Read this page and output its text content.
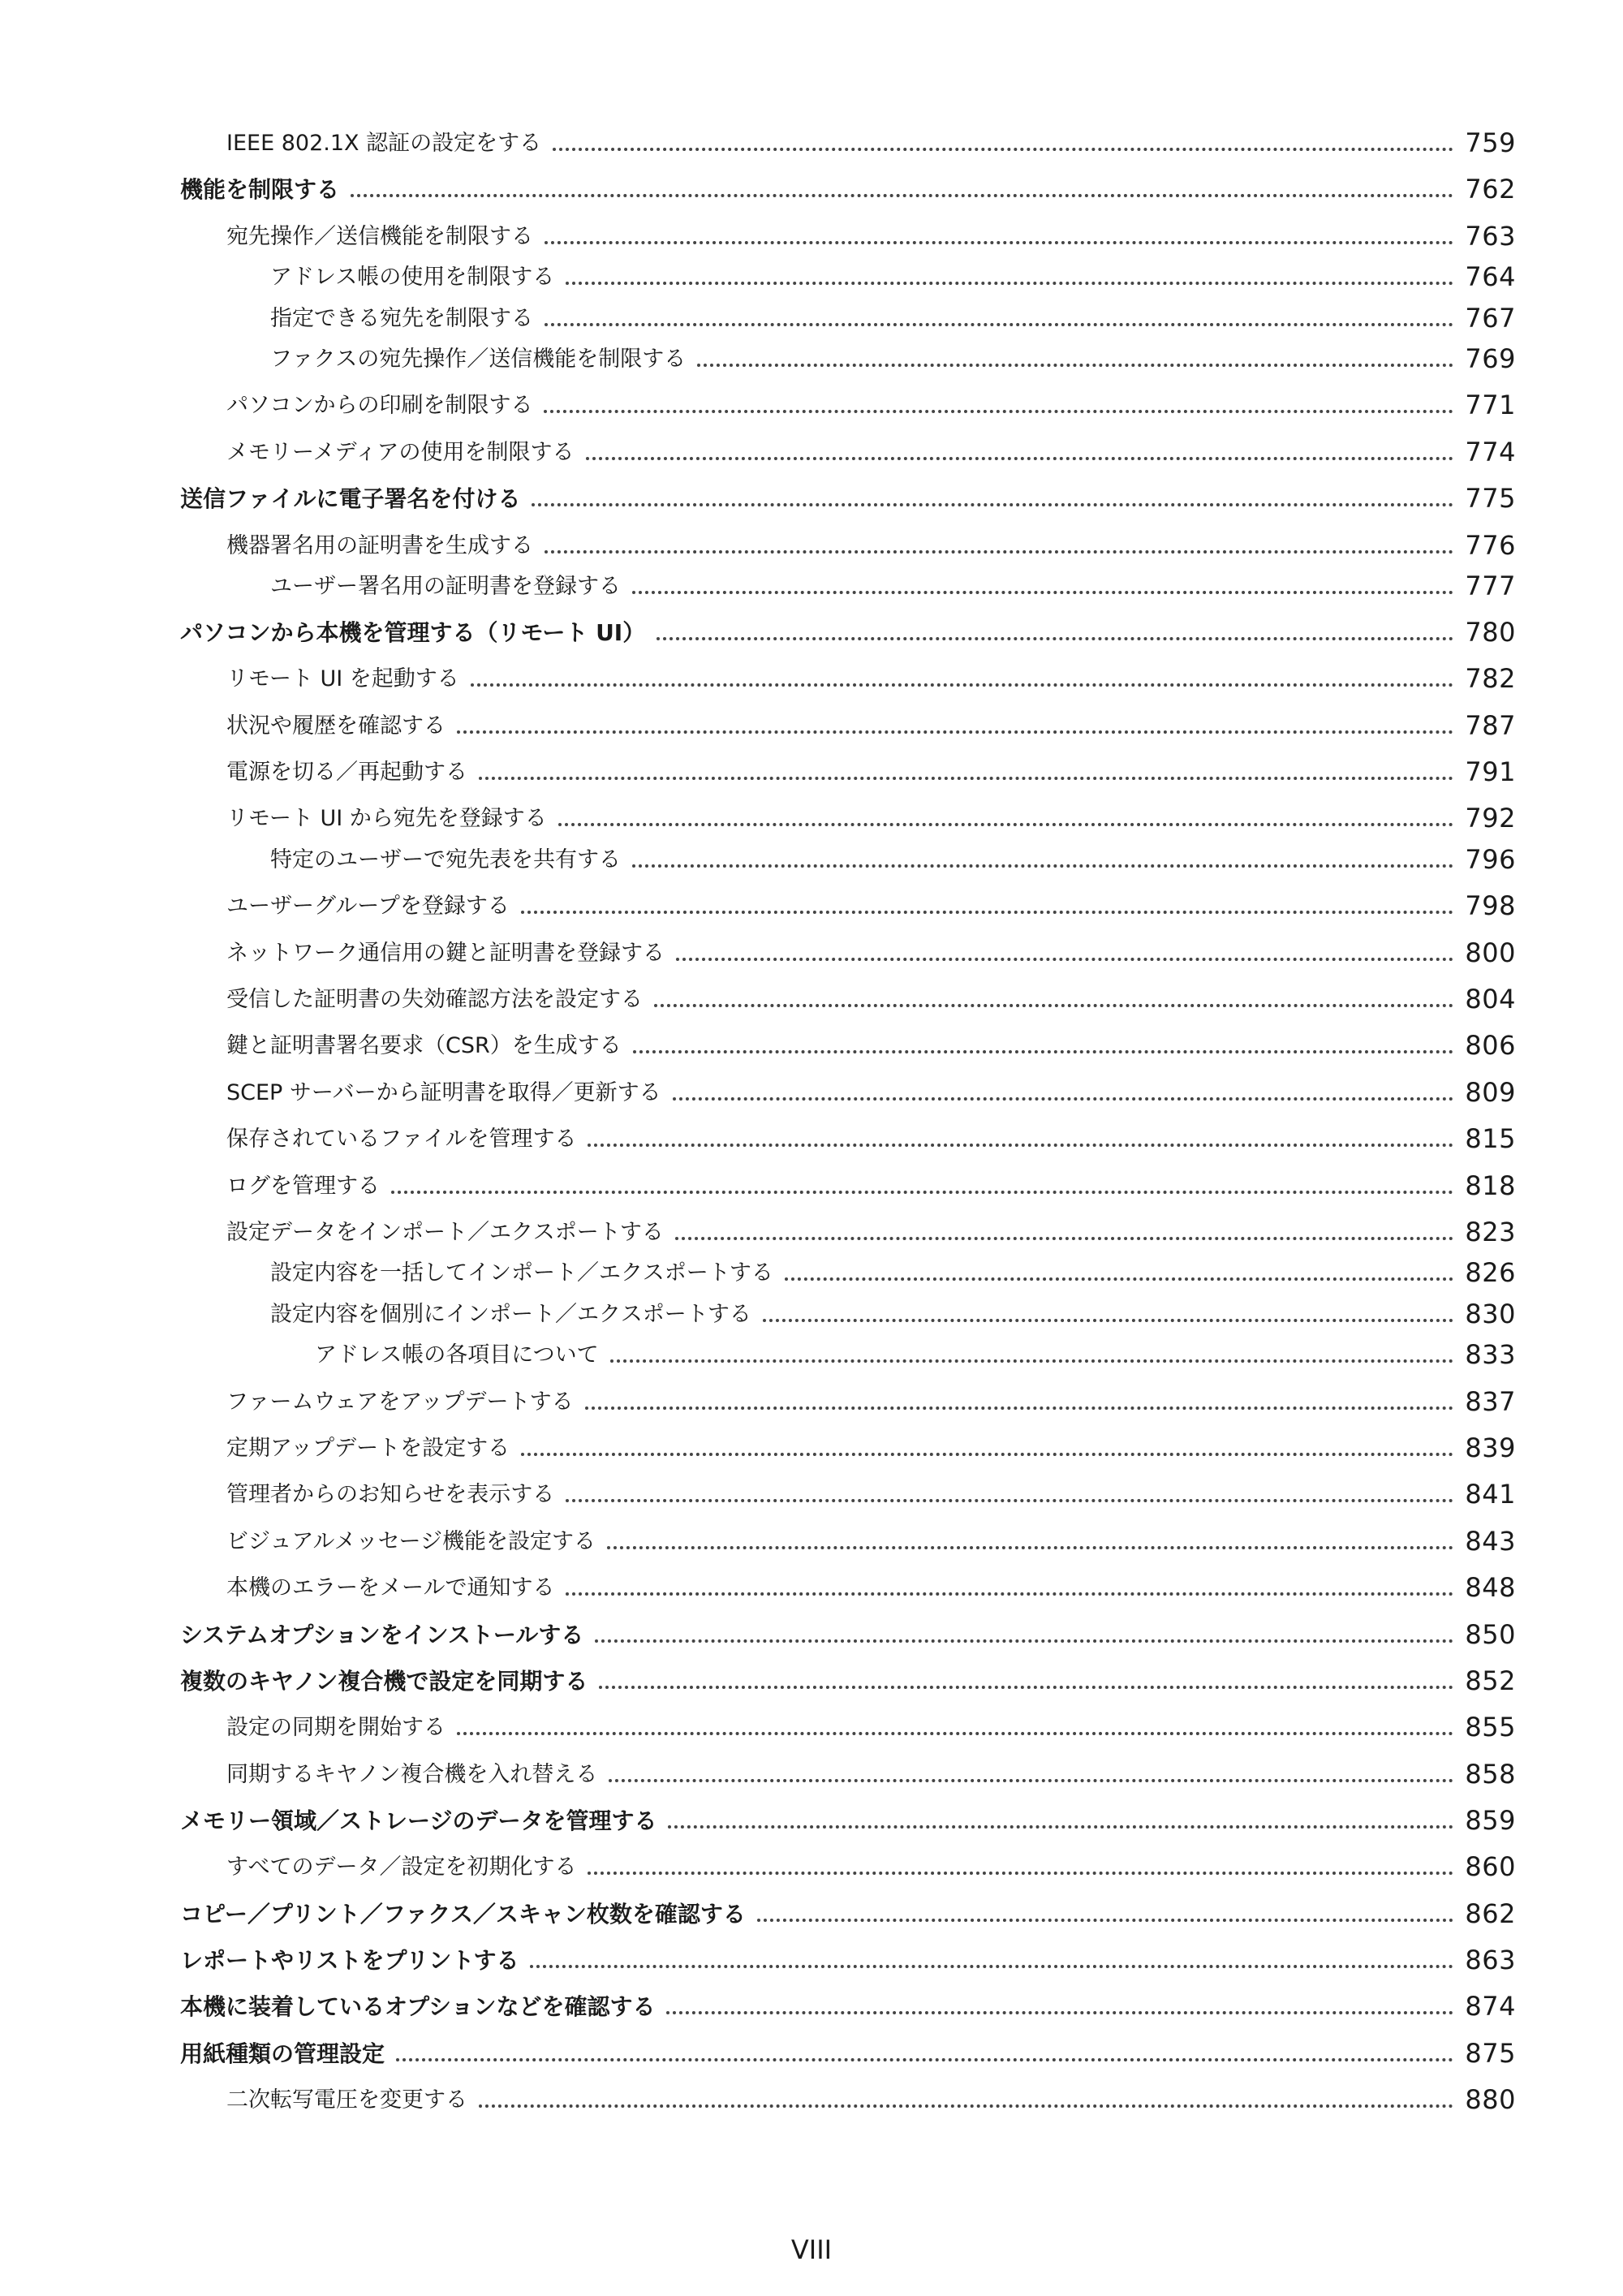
IEEE 802.1X 認証の設定をする	759
機能を制限する	762
宛先操作／送信機能を制限する	763
アドレス帳の使用を制限する	764
指定できる宛先を制限する	767
ファクスの宛先操作／送信機能を制限する	769
パソコンからの印刷を制限する	771
メモリーメディアの使用を制限する	774
送信ファイルに電子署名を付ける	775
機器署名用の証明書を生成する	776
ユーザー署名用の証明書を登録する	777
パソコンから本機を管理する（リモート UI）	780
リモート UI を起動する	782
状況や履歴を確認する	787
電源を切る／再起動する	791
リモート UI から宛先を登録する	792
特定のユーザーで宛先表を共有する	796
ユーザーグループを登録する	798
ネットワーク通信用の鍵と証明書を登録する	800
受信した証明書の失効確認方法を設定する	804
鍵と証明書署名要求（CSR）を生成する	806
SCEP サーバーから証明書を取得／更新する	809
保存されているファイルを管理する	815
ログを管理する	818
設定データをインポート／エクスポートする	823
設定内容を一括してインポート／エクスポートする	826
設定内容を個別にインポート／エクスポートする	830
アドレス帳の各項目について	833
ファームウェアをアップデートする	837
定期アップデートを設定する	839
管理者からのお知らせを表示する	841
ビジュアルメッセージ機能を設定する	843
本機のエラーをメールで通知する	848
システムオプションをインストールする	850
複数のキヤノン複合機で設定を同期する	852
設定の同期を開始する	855
同期するキヤノン複合機を入れ替える	858
メモリー領域／ストレージのデータを管理する	859
すべてのデータ／設定を初期化する	860
コピー／プリント／ファクス／スキャン枚数を確認する	862
レポートやリストをプリントする	863
本機に装着しているオプションなどを確認する	874
用紙種類の管理設定	875
二次転写電圧を変更する	880
VIII
